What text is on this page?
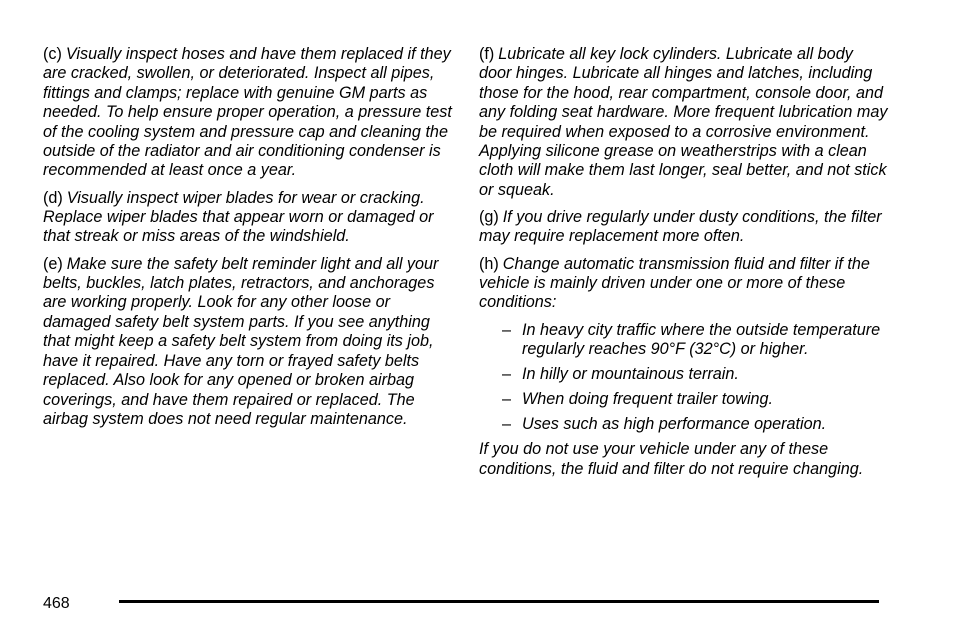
(c) Visually inspect hoses and have them replaced if they are cracked, swollen, or deteriorated. Inspect all pipes, fittings and clamps; replace with genuine GM parts as needed. To help ensure proper operation, a pressure test of the cooling system and pressure cap and cleaning the outside of the radiator and air conditioning condenser is recommended at least once a year.

(d) Visually inspect wiper blades for wear or cracking. Replace wiper blades that appear worn or damaged or that streak or miss areas of the windshield.

(e) Make sure the safety belt reminder light and all your belts, buckles, latch plates, retractors, and anchorages are working properly. Look for any other loose or damaged safety belt system parts. If you see anything that might keep a safety belt system from doing its job, have it repaired. Have any torn or frayed safety belts replaced. Also look for any opened or broken airbag coverings, and have them repaired or replaced. The airbag system does not need regular maintenance.

(f) Lubricate all key lock cylinders. Lubricate all body door hinges. Lubricate all hinges and latches, including those for the hood, rear compartment, console door, and any folding seat hardware. More frequent lubrication may be required when exposed to a corrosive environment. Applying silicone grease on weatherstrips with a clean cloth will make them last longer, seal better, and not stick or squeak.

(g) If you drive regularly under dusty conditions, the filter may require replacement more often.

(h) Change automatic transmission fluid and filter if the vehicle is mainly driven under one or more of these conditions:

– In heavy city traffic where the outside temperature regularly reaches 90°F (32°C) or higher.
– In hilly or mountainous terrain.
– When doing frequent trailer towing.
– Uses such as high performance operation.

If you do not use your vehicle under any of these conditions, the fluid and filter do not require changing.

468
